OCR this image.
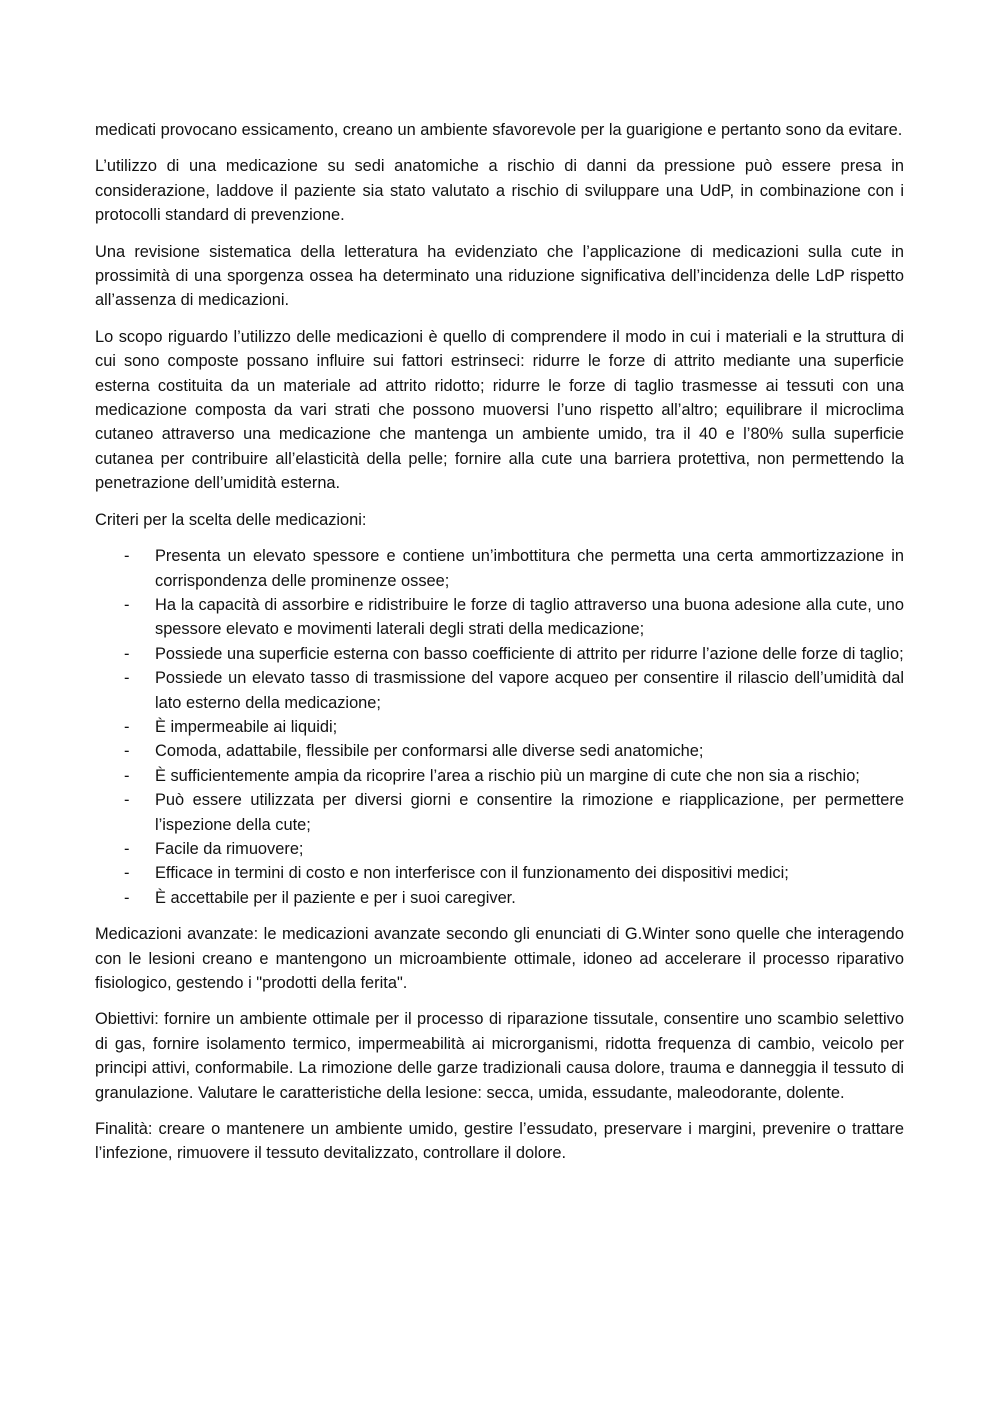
medicati provocano essicamento, creano un ambiente sfavorevole per la guarigione e pertanto sono da evitare.

L’utilizzo di una medicazione su sedi anatomiche a rischio di danni da pressione può essere presa in considerazione, laddove il paziente sia stato valutato a rischio di sviluppare una UdP, in combinazione con i protocolli standard di prevenzione.

Una revisione sistematica della letteratura ha evidenziato che l’applicazione di medicazioni sulla cute in prossimità di una sporgenza ossea ha determinato una riduzione significativa dell’incidenza delle LdP rispetto all’assenza di medicazioni.

Lo scopo riguardo l’utilizzo delle medicazioni è quello di comprendere il modo in cui i materiali e la struttura di cui sono composte possano influire sui fattori estrinseci: ridurre le forze di attrito mediante una superficie esterna costituita da un materiale ad attrito ridotto; ridurre le forze di taglio trasmesse ai tessuti con una medicazione composta da vari strati che possono muoversi l’uno rispetto all’altro; equilibrare il microclima cutaneo attraverso una medicazione che mantenga un ambiente umido, tra il 40 e l’80% sulla superficie cutanea per contribuire all’elasticità della pelle; fornire alla cute una barriera protettiva, non permettendo la penetrazione dell’umidità esterna.

Criteri per la scelta delle medicazioni:

- Presenta un elevato spessore e contiene un’imbottitura che permetta una certa ammortizzazione in corrispondenza delle prominenze ossee;
- Ha la capacità di assorbire e ridistribuire le forze di taglio attraverso una buona adesione alla cute, uno spessore elevato e movimenti laterali degli strati della medicazione;
- Possiede una superficie esterna con basso coefficiente di attrito per ridurre l’azione delle forze di taglio;
- Possiede un elevato tasso di trasmissione del vapore acqueo per consentire il rilascio dell’umidità dal lato esterno della medicazione;
- È impermeabile ai liquidi;
- Comoda, adattabile, flessibile per conformarsi alle diverse sedi anatomiche;
- È sufficientemente ampia da ricoprire l’area a rischio più un margine di cute che non sia a rischio;
- Può essere utilizzata per diversi giorni e consentire la rimozione e riapplicazione, per permettere l’ispezione della cute;
- Facile da rimuovere;
- Efficace in termini di costo e non interferisce con il funzionamento dei dispositivi medici;
- È accettabile per il paziente e per i suoi caregiver.

Medicazioni avanzate: le medicazioni avanzate secondo gli enunciati di G.Winter sono quelle che interagendo con le lesioni creano e mantengono un microambiente ottimale, idoneo ad accelerare il processo riparativo fisiologico, gestendo i "prodotti della ferita".

Obiettivi: fornire un ambiente ottimale per il processo di riparazione tissutale, consentire uno scambio selettivo di gas, fornire isolamento termico, impermeabilità ai microrganismi, ridotta frequenza di cambio, veicolo per principi attivi, conformabile. La rimozione delle garze tradizionali causa dolore, trauma e danneggia il tessuto di granulazione. Valutare le caratteristiche della lesione: secca, umida, essudante, maleodorante, dolente.

Finalità: creare o mantenere un ambiente umido, gestire l’essudato, preservare i margini, prevenire o trattare l’infezione, rimuovere il tessuto devitalizzato, controllare il dolore.
